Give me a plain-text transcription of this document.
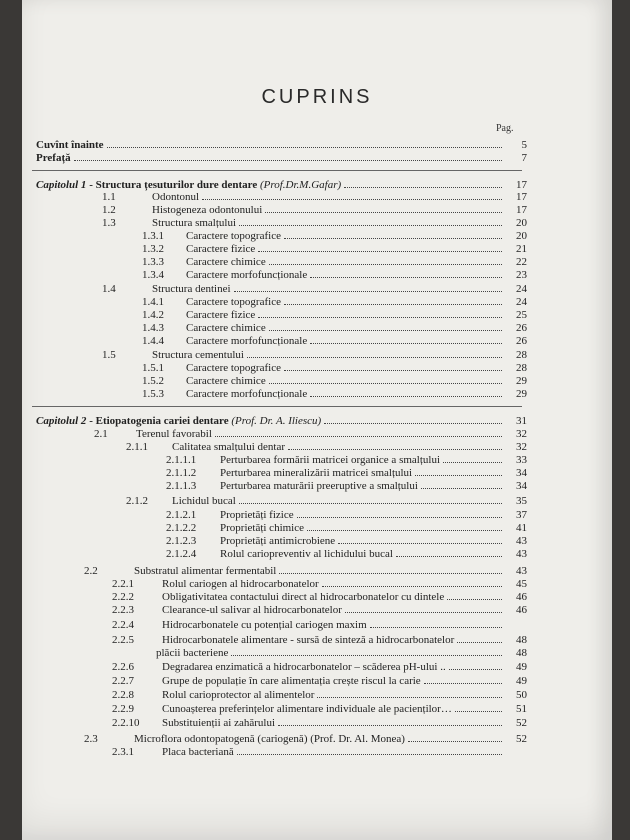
CUPRINS
Pag.
Cuvînt înainte	5
Prefață	7
Capitolul 1 - Structura țesuturilor dure dentare (Prof.Dr.M.Gafar)	17
1.1	Odontonul	17
1.2	Histogeneza odontonului	17
1.3	Structura smalțului	20
1.3.1	Caractere topografice	20
1.3.2	Caractere fizice	21
1.3.3	Caractere chimice	22
1.3.4	Caractere morfofuncționale	23
1.4	Structura dentinei	24
1.4.1	Caractere topografice	24
1.4.2	Caractere fizice	25
1.4.3	Caractere chimice	26
1.4.4	Caractere morfofuncționale	26
1.5	Structura cementului	28
1.5.1	Caractere topografice	28
1.5.2	Caractere chimice	29
1.5.3	Caractere morfofuncționale	29
Capitolul 2 - Etiopatogenia cariei dentare (Prof. Dr. A. Iliescu)	31
2.1	Terenul favorabil	32
2.1.1	Calitatea smalțului dentar	32
2.1.1.1	Perturbarea formării matricei organice a smalțului	33
2.1.1.2	Perturbarea mineralizării matricei smalțului	34
2.1.1.3	Perturbarea maturării preeruptive a smalțului	34
2.1.2	Lichidul bucal	35
2.1.2.1	Proprietăți fizice	37
2.1.2.2	Proprietăți chimice	41
2.1.2.3	Proprietăți antimicrobiene	43
2.1.2.4	Rolul cariopreventiv al lichidului bucal	43
2.2	Substratul alimentar fermentabil	43
2.2.1	Rolul cariogen al hidrocarbonatelor	45
2.2.2	Obligativitatea contactului direct al hidrocarbonatelor cu dintele	46
2.2.3	Clearance-ul salivar al hidrocarbonatelor	46
2.2.4	Hidrocarbonatele cu potențial cariogen maxim
2.2.5	Hidrocarbonatele alimentare - sursă de sinteză a hidrocarbonatelor	48
plăcii bacteriene	48
2.2.6	Degradarea enzimatică a hidrocarbonatelor – scăderea pH-ului ..	49
2.2.7	Grupe de populație în care alimentația crește riscul la carie	49
2.2.8	Rolul carioprotector al alimentelor	50
2.2.9	Cunoașterea preferințelor alimentare individuale ale pacienților…	51
2.2.10	Substituienții ai zahărului	52
2.3	Microflora odontopatogenă (cariogenă) (Prof. Dr. Al. Monea)	52
2.3.1	Placa bacteriană
